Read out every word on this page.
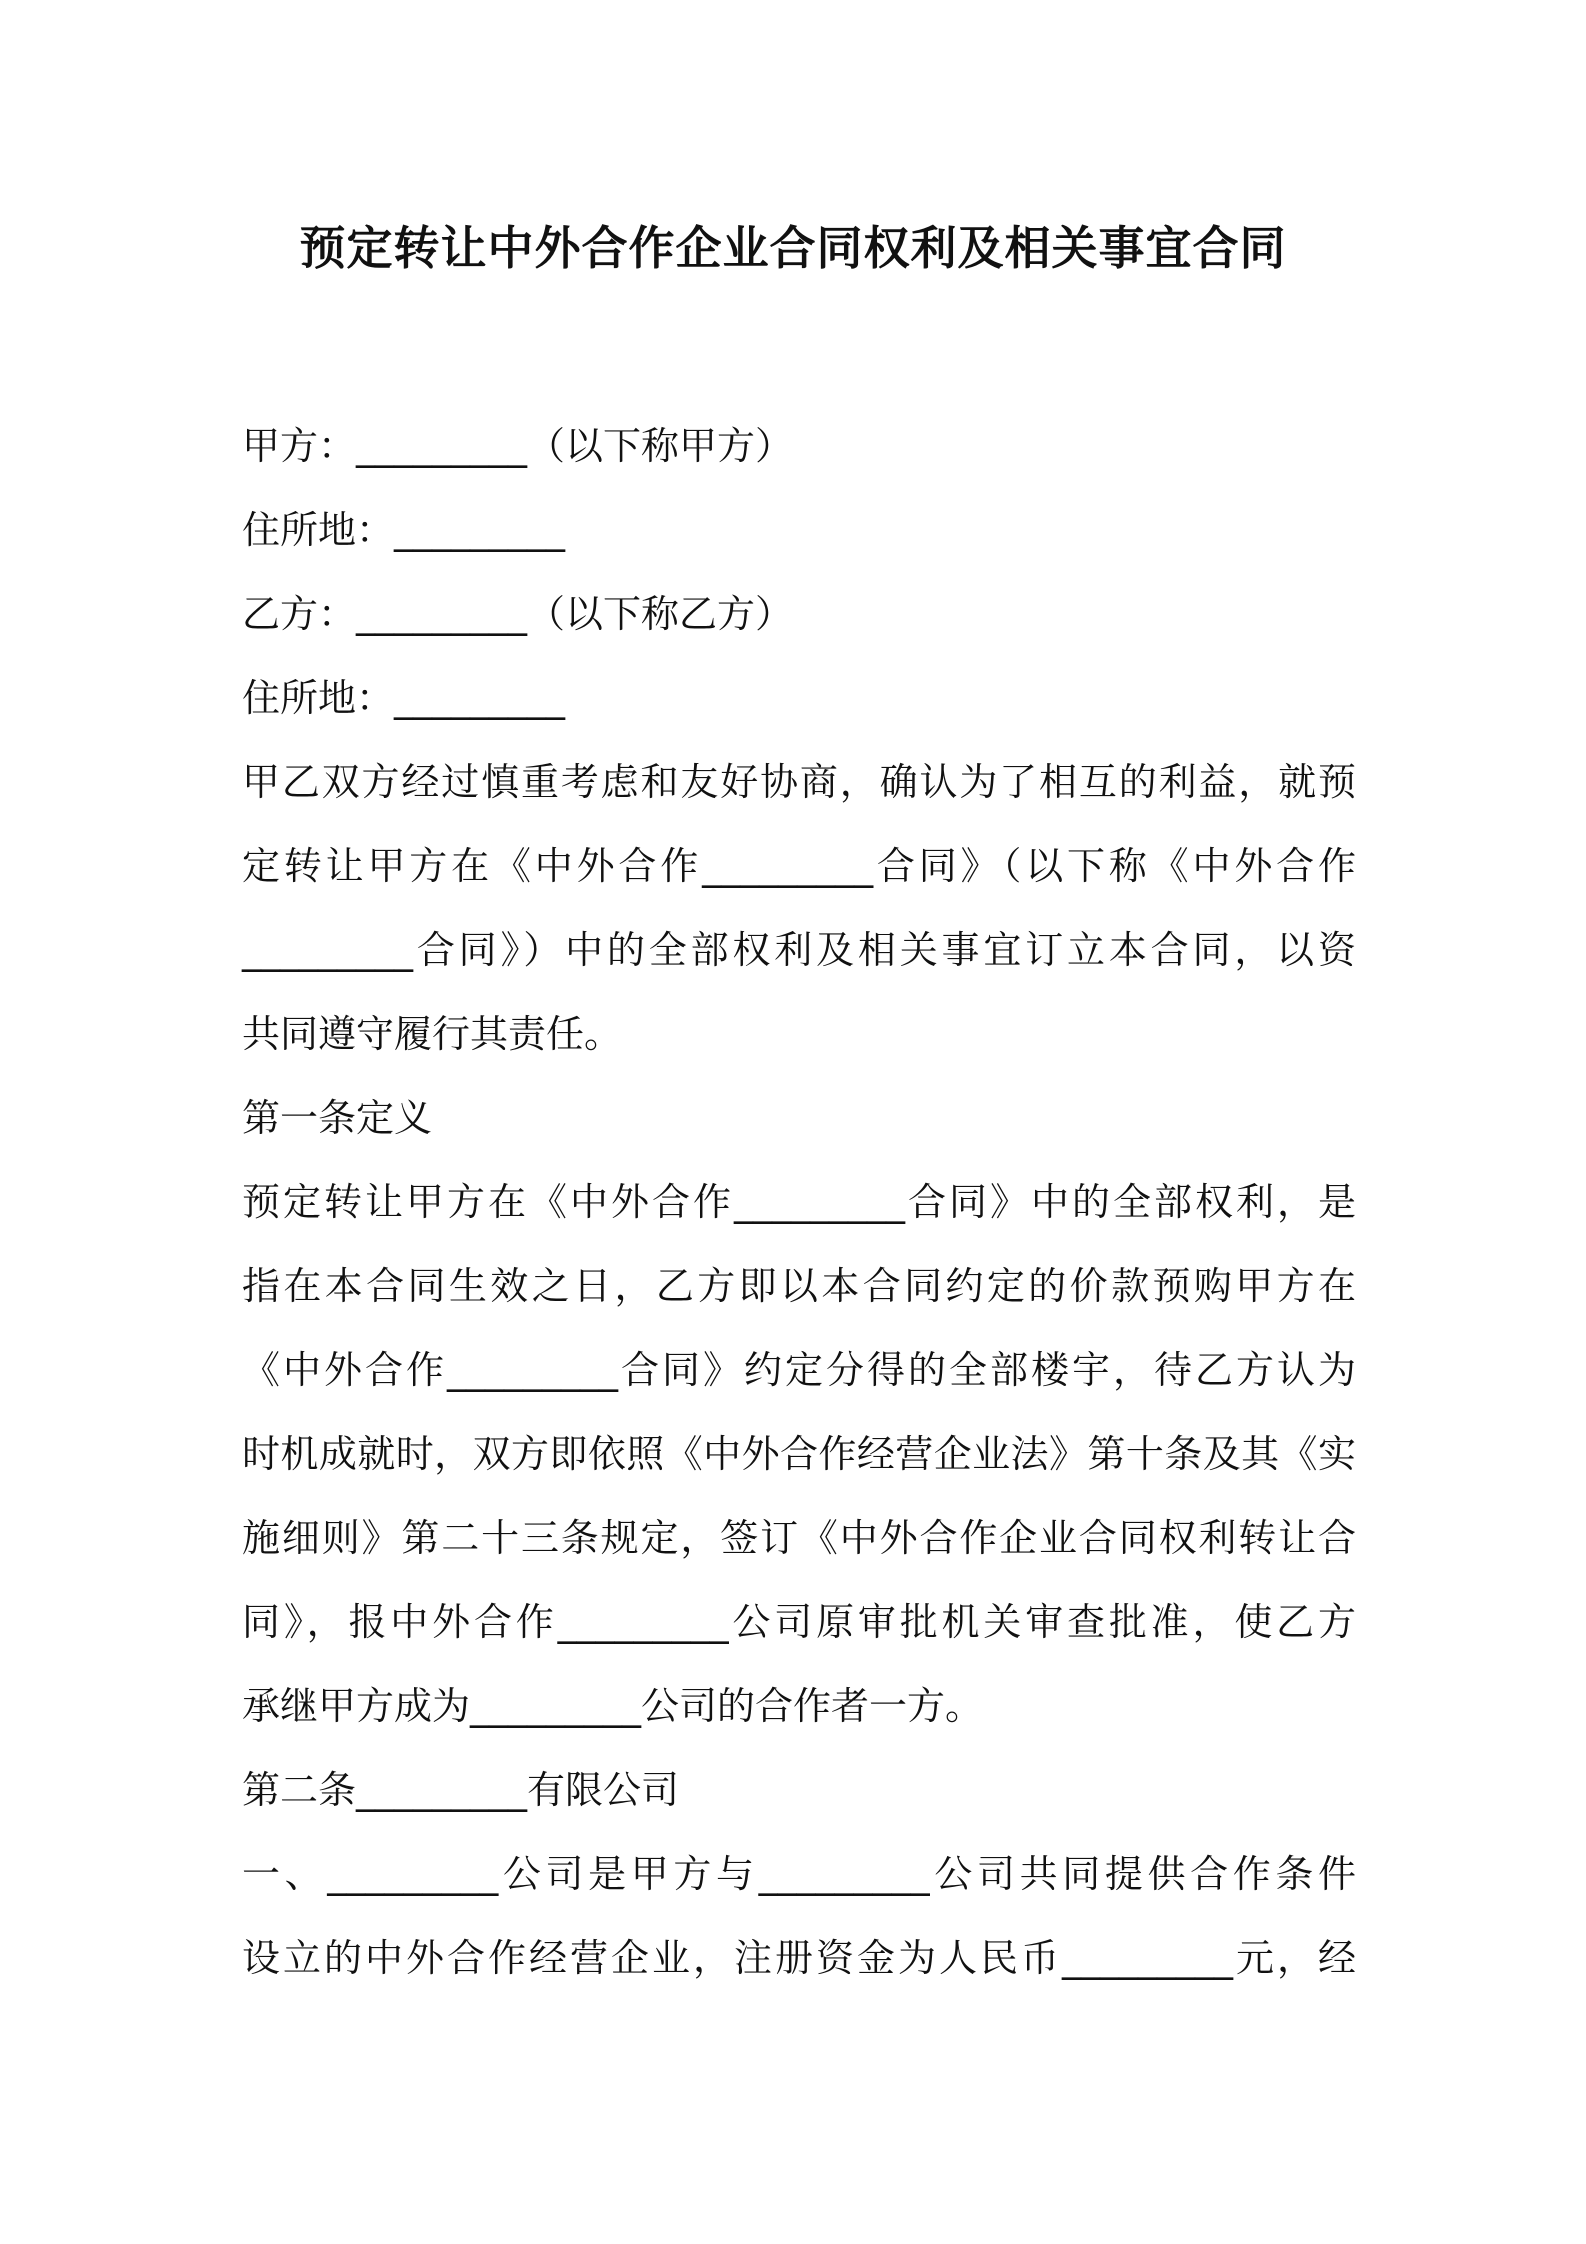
预定转让中外合作企业合同权利及相关事宜合同
甲方：_________（以下称甲方）
住所地：_________
乙方：_________（以下称乙方）
住所地：_________
甲乙双方经过慎重考虑和友好协商，确认为了相互的利益，就预
定转让甲方在《中外合作_________合同》（以下称《中外合作
_________合同》）中的全部权利及相关事宜订立本合同，以资
共同遵守履行其责任。
第一条定义
预定转让甲方在《中外合作_________合同》中的全部权利，是
指在本合同生效之日，乙方即以本合同约定的价款预购甲方在
《中外合作_________合同》约定分得的全部楼宇，待乙方认为
时机成就时，双方即依照《中外合作经营企业法》第十条及其《实
施细则》第二十三条规定，签订《中外合作企业合同权利转让合
同》，报中外合作_________公司原审批机关审查批准，使乙方
承继甲方成为_________公司的合作者一方。
第二条_________有限公司
一、_________公司是甲方与_________公司共同提供合作条件
设立的中外合作经营企业，注册资金为人民币_________元，经
